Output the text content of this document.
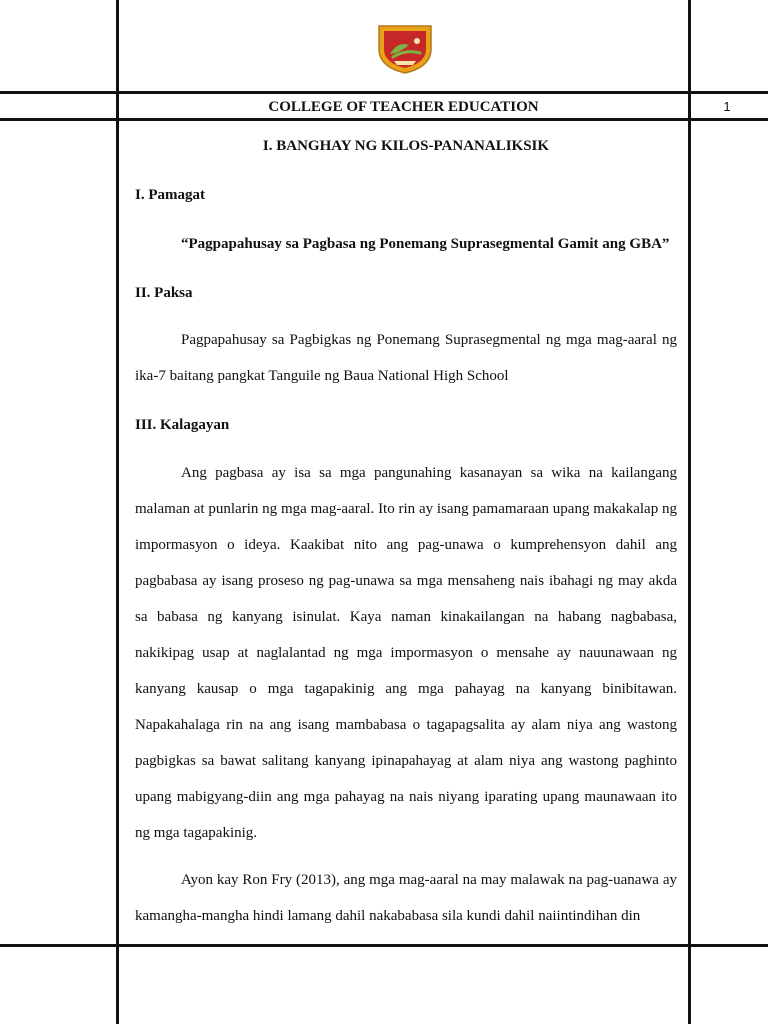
COLLEGE OF TEACHER EDUCATION	1
I. BANGHAY NG KILOS-PANANALIKSIK
I. Pamagat
“Pagpapahusay sa Pagbasa ng Ponemang Suprasegmental Gamit ang GBA”
II. Paksa

Pagpapahusay sa Pagbigkas ng Ponemang Suprasegmental ng mga mag-aaral ng ika-7 baitang pangkat Tanguile ng Baua National High School

III. Kalagayan

Ang pagbasa ay isa sa mga pangunahing kasanayan sa wika na kailangang malaman at punlarin ng mga mag-aaral. Ito rin ay isang pamamaraan upang makakalap ng impormasyon o ideya. Kaakibat nito ang pag-unawa o kumprehensyon dahil ang pagbabasa ay isang proseso ng pag-unawa sa mga mensaheng nais ibahagi ng may akda sa babasa ng kanyang isinulat. Kaya naman kinakailangan na habang nagbabasa, nakikipag usap at naglalantad ng mga impormasyon o mensahe ay nauunawaan ng kanyang kausap o mga tagapakinig ang mga pahayag na kanyang binibitawan. Napakahalaga rin na ang isang mambabasa o tagapagsalita ay alam niya ang wastong pagbigkas sa bawat salitang kanyang ipinapahayag at alam niya ang wastong paghinto upang mabigyang-diin ang mga pahayag na nais niyang iparating upang maunawaan ito ng mga tagapakinig.

Ayon kay Ron Fry (2013), ang mga mag-aaral na may malawak na pag-uanawa ay kamangha-mangha hindi lamang dahil nakababasa sila kundi dahil naiintindihan din
